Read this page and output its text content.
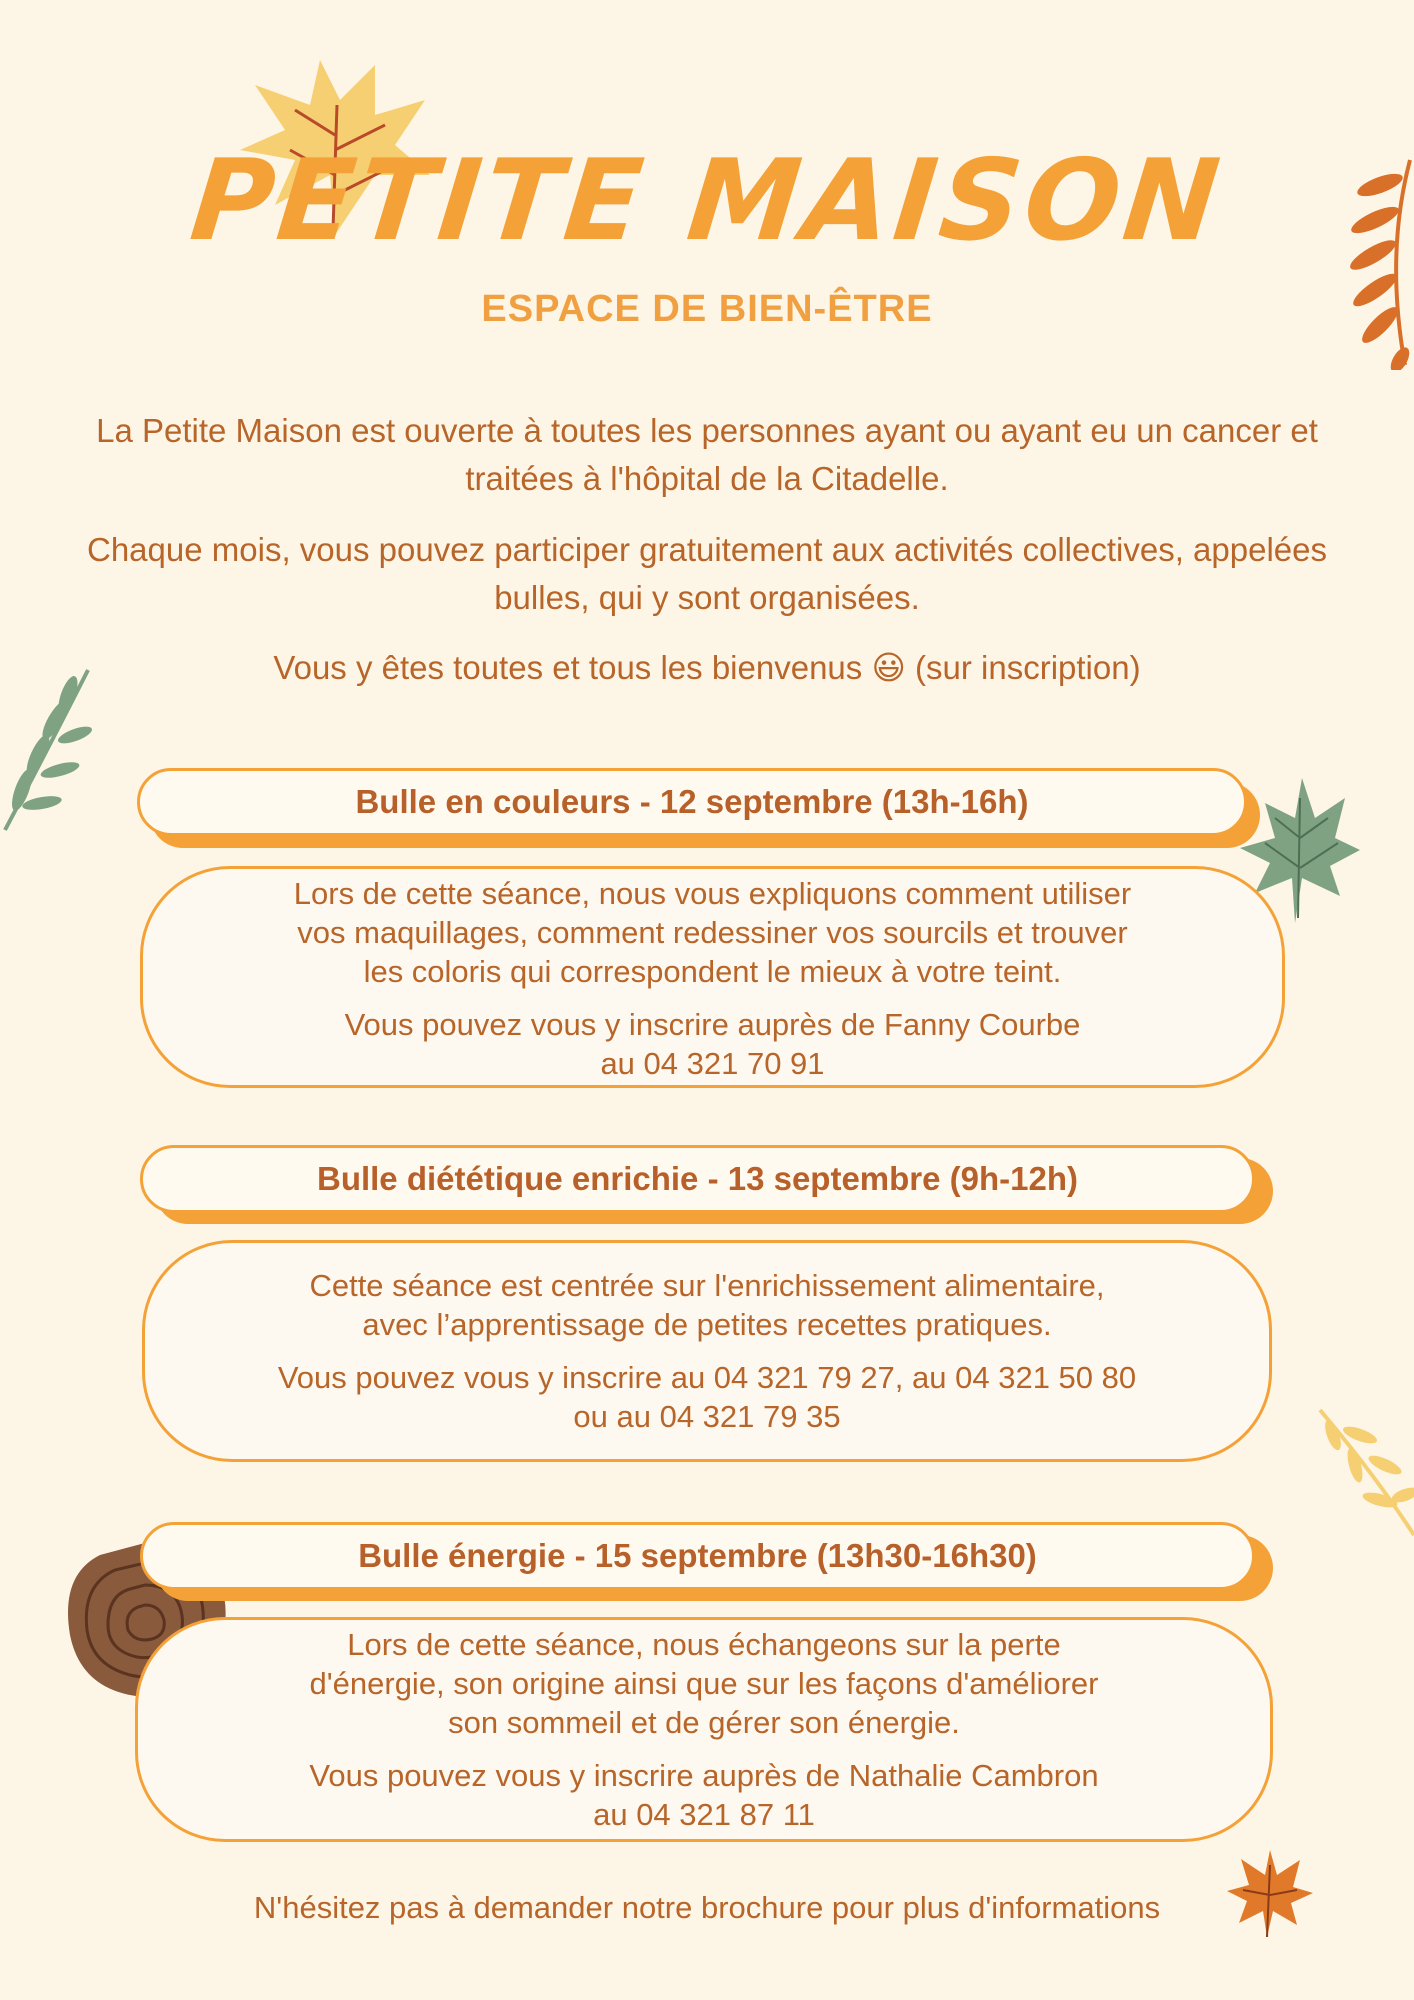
PETITE MAISON
ESPACE DE BIEN-ÊTRE
La Petite Maison est ouverte à toutes les personnes ayant ou ayant eu un cancer et traitées à l'hôpital de la Citadelle.
Chaque mois, vous pouvez participer gratuitement aux activités collectives, appelées bulles, qui y sont organisées.
Vous y êtes toutes et tous les bienvenus 😃 (sur inscription)
Bulle en couleurs - 12 septembre (13h-16h)

Lors de cette séance, nous vous expliquons comment utiliser

vos maquillages, comment redessiner vos sourcils et trouver

les coloris qui correspondent le mieux à votre teint.

Vous pouvez vous y inscrire auprès de Fanny Courbe

au 04 321 70 91

Bulle diététique enrichie - 13 septembre (9h-12h)

Cette séance est centrée sur l'enrichissement alimentaire,

avec l’apprentissage de petites recettes pratiques.

Vous pouvez vous y inscrire au 04 321 79 27, au 04 321 50 80

ou au 04 321 79 35

Bulle énergie - 15 septembre (13h30-16h30)

Lors de cette séance, nous échangeons sur la perte

d'énergie, son origine ainsi que sur les façons d'améliorer

son sommeil et de gérer son énergie.

Vous pouvez vous y inscrire auprès de Nathalie Cambron

au 04 321 87 11

N'hésitez pas à demander notre brochure pour plus d'informations
